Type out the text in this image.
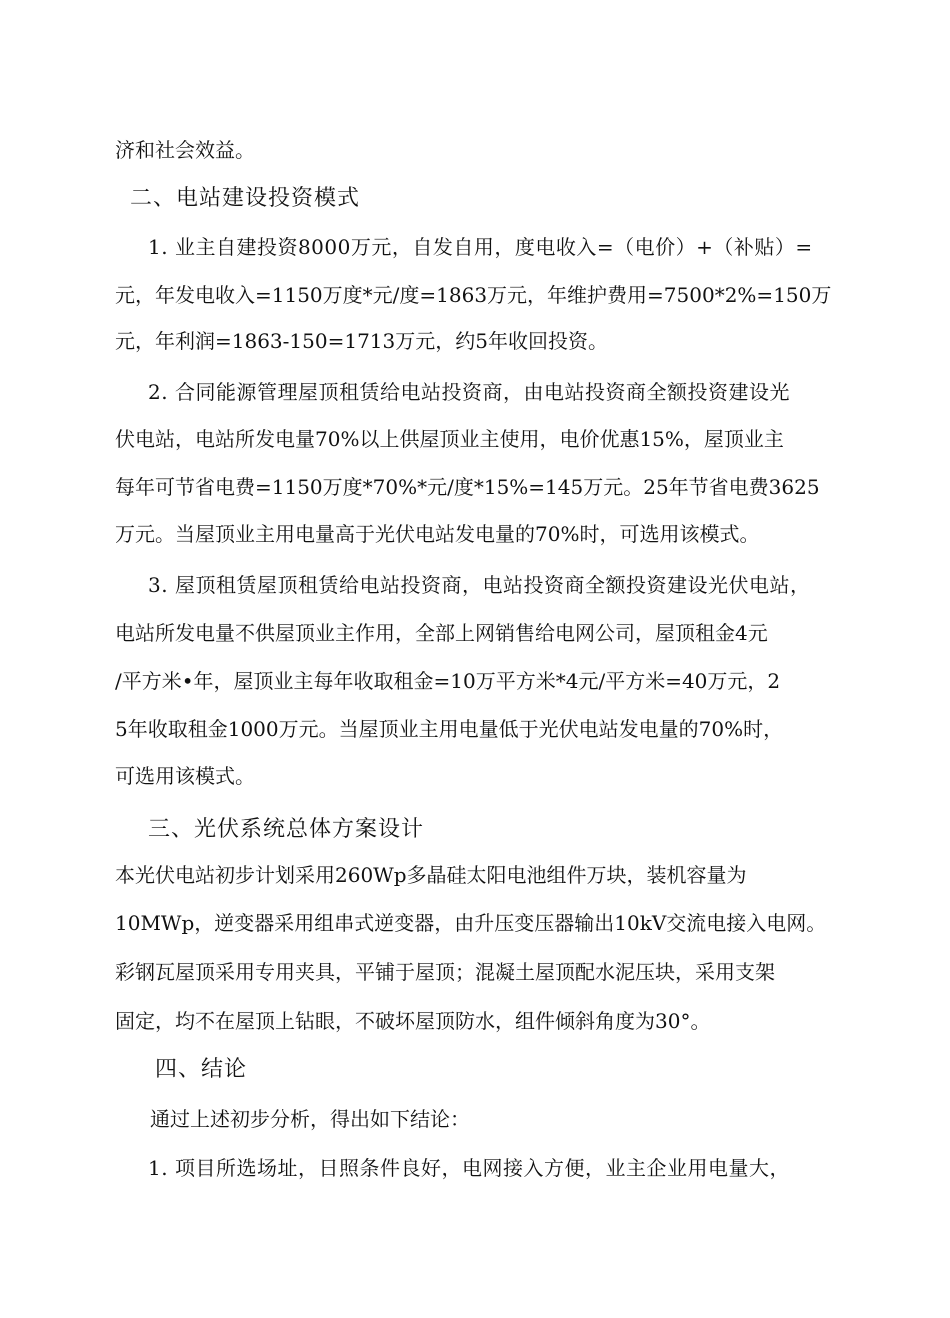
济和社会效益。
二、电站建设投资模式
1. 业主自建投资8000万元，自发自用，度电收入=（电价）+（补贴）=
元，年发电收入=1150万度*元/度=1863万元，年维护费用=7500*2%=150万
元，年利润=1863-150=1713万元，约5年收回投资。
2. 合同能源管理屋顶租赁给电站投资商，由电站投资商全额投资建设光
伏电站，电站所发电量70%以上供屋顶业主使用，电价优惠15%，屋顶业主
每年可节省电费=1150万度*70%*元/度*15%=145万元。25年节省电费3625
万元。当屋顶业主用电量高于光伏电站发电量的70%时，可选用该模式。
3. 屋顶租赁屋顶租赁给电站投资商，电站投资商全额投资建设光伏电站，
电站所发电量不供屋顶业主作用，全部上网销售给电网公司，屋顶租金4元
/平方米•年，屋顶业主每年收取租金=10万平方米*4元/平方米=40万元，2
5年收取租金1000万元。当屋顶业主用电量低于光伏电站发电量的70%时，
可选用该模式。
三、光伏系统总体方案设计
本光伏电站初步计划采用260Wp多晶硅太阳电池组件万块，装机容量为
10MWp，逆变器采用组串式逆变器，由升压变压器输出10kV交流电接入电网。
彩钢瓦屋顶采用专用夹具，平铺于屋顶；混凝土屋顶配水泥压块，采用支架
固定，均不在屋顶上钻眼，不破坏屋顶防水，组件倾斜角度为30°。
四、结论
通过上述初步分析，得出如下结论：
1. 项目所选场址，日照条件良好，电网接入方便，业主企业用电量大，
